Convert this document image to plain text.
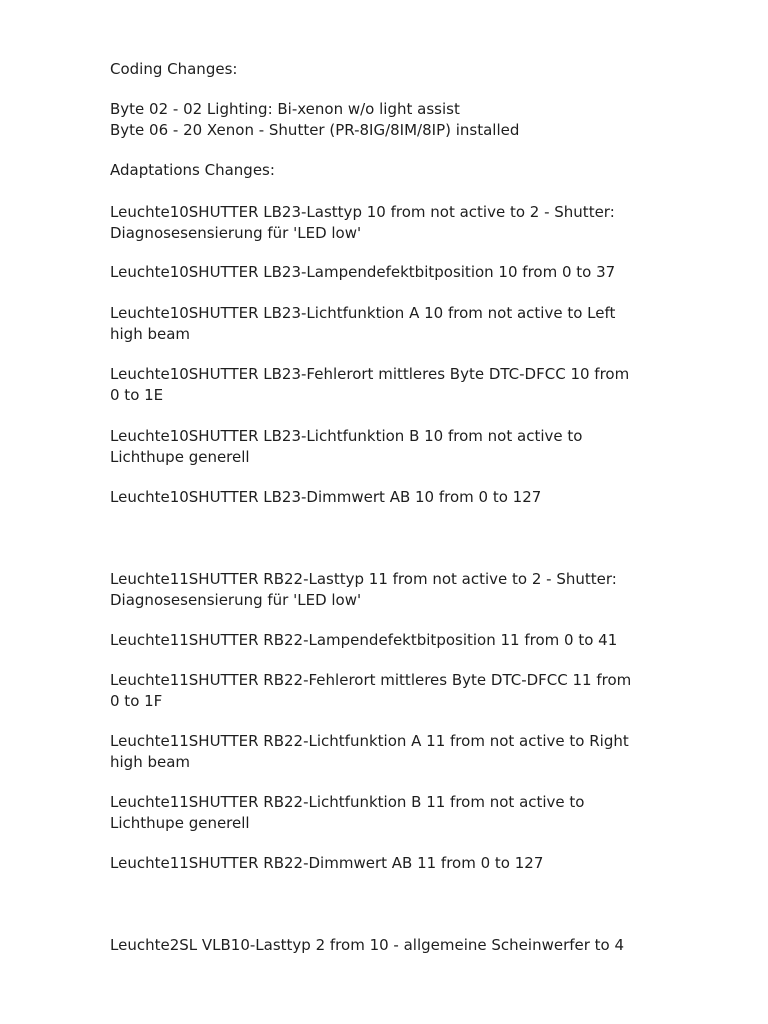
Coding Changes:
Byte 02 - 02 Lighting: Bi-xenon w/o light assist
Byte 06 - 20 Xenon - Shutter (PR-8IG/8IM/8IP) installed
Adaptations Changes:
Leuchte10SHUTTER LB23-Lasttyp 10 from not active to 2 - Shutter:
Diagnosesensierung für 'LED low'
Leuchte10SHUTTER LB23-Lampendefektbitposition 10 from 0 to 37
Leuchte10SHUTTER LB23-Lichtfunktion A 10 from not active to Left
high beam
Leuchte10SHUTTER LB23-Fehlerort mittleres Byte DTC-DFCC 10 from
0 to 1E
Leuchte10SHUTTER LB23-Lichtfunktion B 10 from not active to
Lichthupe generell
Leuchte10SHUTTER LB23-Dimmwert AB 10 from 0 to 127
Leuchte11SHUTTER RB22-Lasttyp 11 from not active to 2 - Shutter:
Diagnosesensierung für 'LED low'
Leuchte11SHUTTER RB22-Lampendefektbitposition 11 from 0 to 41
Leuchte11SHUTTER RB22-Fehlerort mittleres Byte DTC-DFCC 11 from
0 to 1F
Leuchte11SHUTTER RB22-Lichtfunktion A 11 from not active to Right
high beam
Leuchte11SHUTTER RB22-Lichtfunktion B 11 from not active to
Lichthupe generell
Leuchte11SHUTTER RB22-Dimmwert AB 11 from 0 to 127
Leuchte2SL VLB10-Lasttyp 2 from 10 - allgemeine Scheinwerfer to 4
